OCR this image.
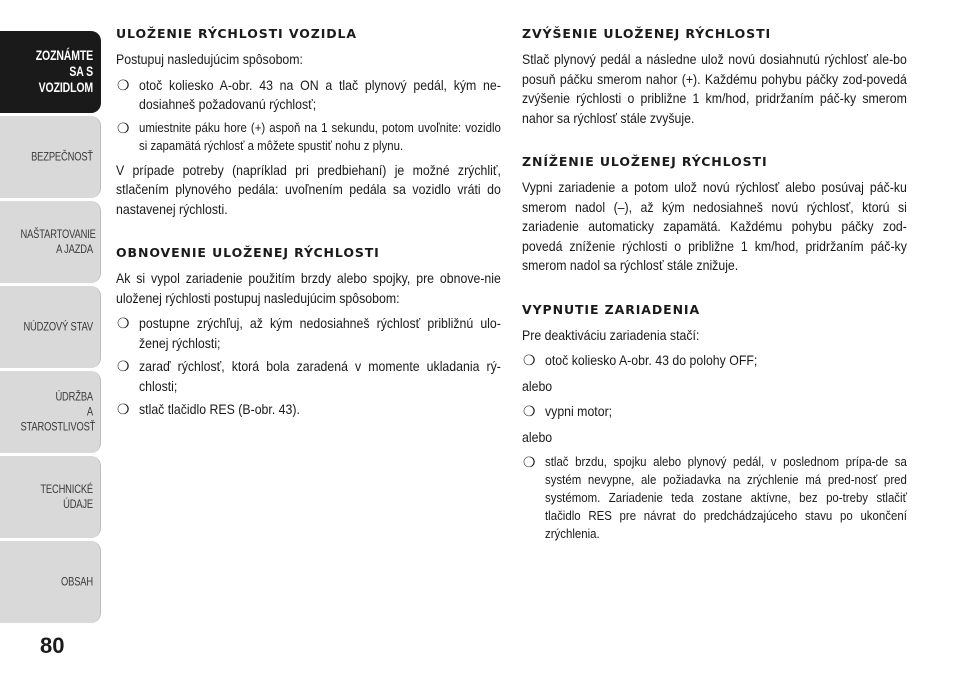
ZOZNÁMTE
SA S VOZIDLOM
BEZPEČNOSŤ
NAŠTARTOVANIE
A JAZDA
NÚDZOVÝ STAV
ÚDRŽBA
A STAROSTLIVOSŤ
TECHNICKÉ
ÚDAJE
OBSAH
80
ULOŽENIE RÝCHLOSTI VOZIDLA

Postupuj nasledujúcim spôsobom:

❍ otoč koliesko A-obr. 43 na ON a tlač plynový pedál, kým ne-dosiahneš požadovanú rýchlosť;
❍ umiestnite páku hore (+) aspoň na 1 sekundu, potom uvoľnite: vozidlo si zapamätá rýchlosť a môžete spustiť nohu z plynu.

V prípade potreby (napríklad pri predbiehaní) je možné zrýchliť, stlačením plynového pedála: uvoľnením pedála sa vozidlo vráti do nastavenej rýchlosti.

OBNOVENIE ULOŽENEJ RÝCHLOSTI

Ak si vypol zariadenie použitím brzdy alebo spojky, pre obnove-nie uloženej rýchlosti postupuj nasledujúcim spôsobom:

❍ postupne zrýchľuj, až kým nedosiahneš rýchlosť približnú ulo-ženej rýchlosti;
❍ zaraď rýchlosť, ktorá bola zaradená v momente ukladania rý-chlosti;
❍ stlač tlačidlo RES (B-obr. 43).
ZVÝŠENIE ULOŽENEJ RÝCHLOSTI

Stlač plynový pedál a následne ulož novú dosiahnutú rýchlosť ale-bo posuň páčku smerom nahor (+). Každému pohybu páčky zod-povedá zvýšenie rýchlosti o približne 1 km/hod, pridržaním páč-ky smerom nahor sa rýchlosť stále zvyšuje.

ZNÍŽENIE ULOŽENEJ RÝCHLOSTI

Vypni zariadenie a potom ulož novú rýchlosť alebo posúvaj páč-ku smerom nadol (–), až kým nedosiahneš novú rýchlosť, ktorú si zariadenie automaticky zapamätá. Každému pohybu páčky zod-povedá zníženie rýchlosti o približne 1 km/hod, pridržaním páč-ky smerom nadol sa rýchlosť stále znižuje.

VYPNUTIE ZARIADENIA

Pre deaktiváciu zariadenia stačí:

❍ otoč koliesko A-obr. 43 do polohy OFF;

alebo

❍ vypni motor;

alebo

❍ stlač brzdu, spojku alebo plynový pedál, v poslednom prípa-de sa systém nevypne, ale požiadavka na zrýchlenie má pred-nosť pred systémom. Zariadenie teda zostane aktívne, bez po-treby stlačiť tlačidlo RES pre návrat do predchádzajúceho stavu po ukončení zrýchlenia.
